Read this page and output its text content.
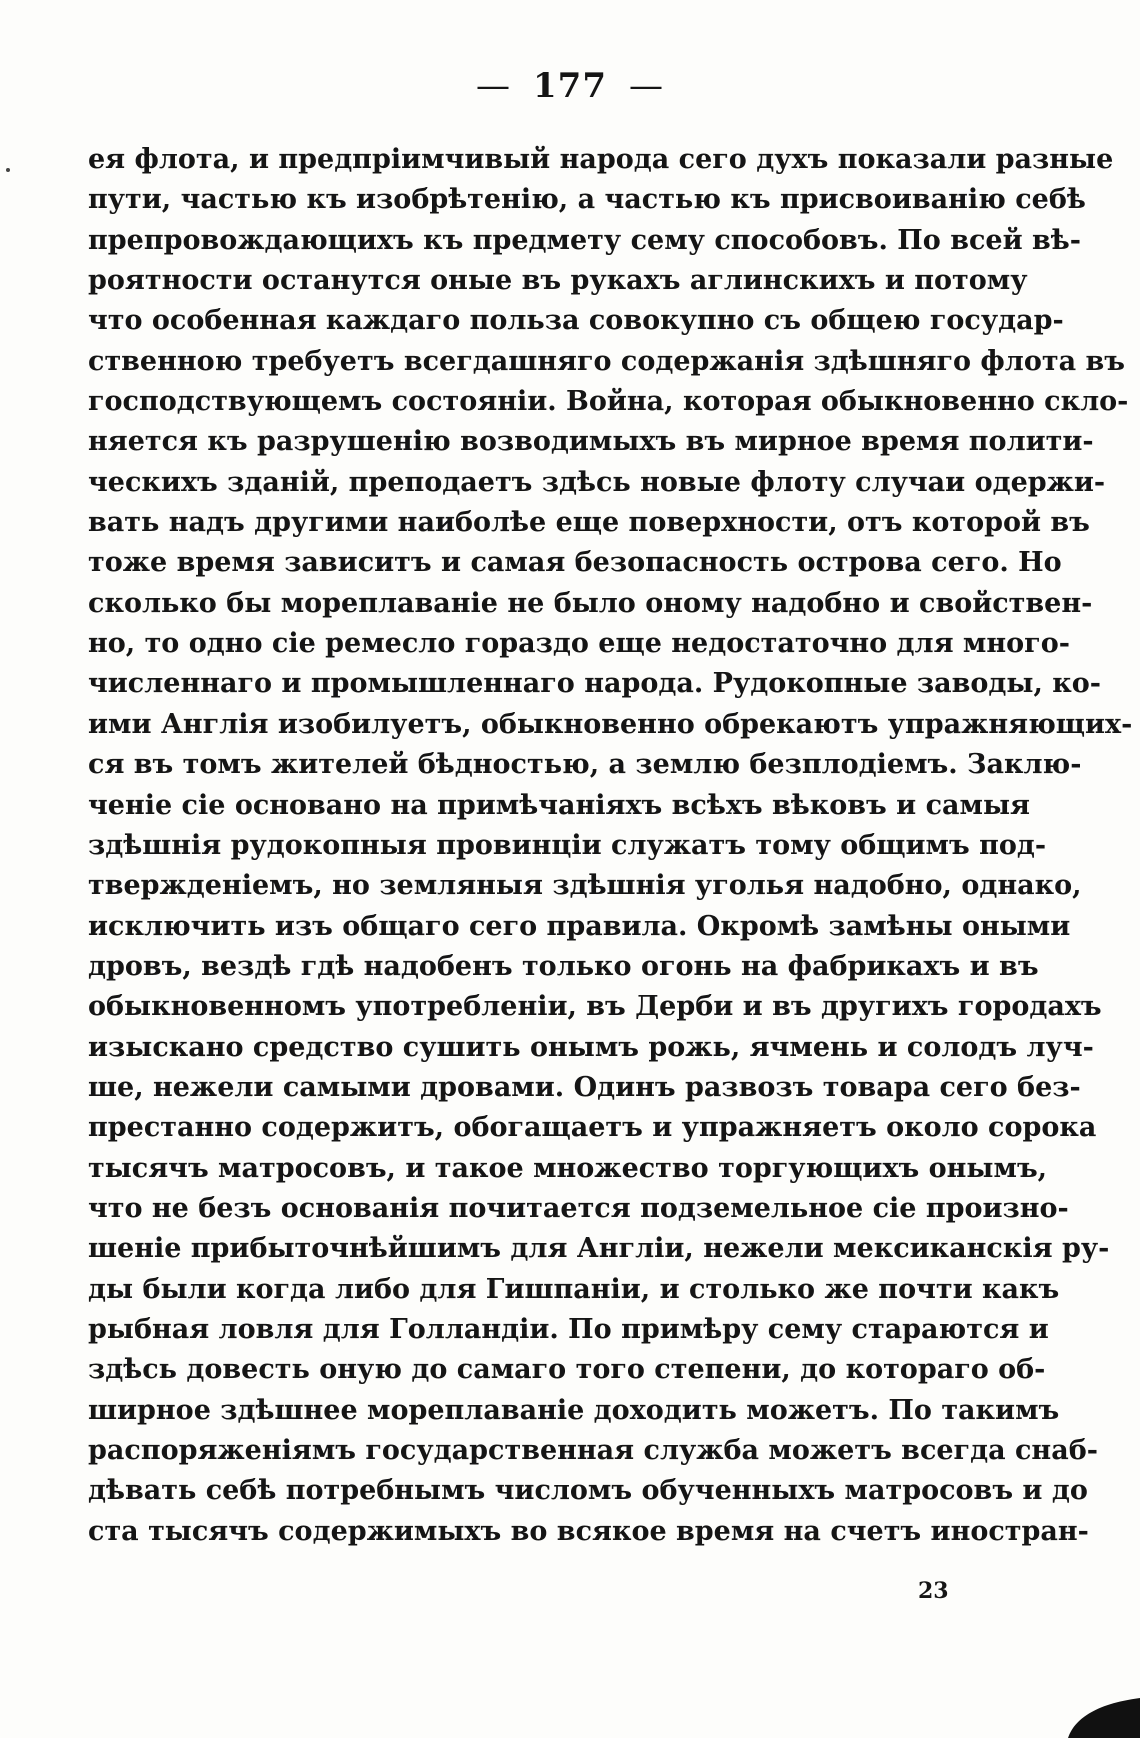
— 177 —
ея флота, и предпріимчивый народа сего духъ показали разные
пути, частью къ изобрѣтенію, а частью къ присвоиванію себѣ
препровождающихъ къ предмету сему способовъ. По всей вѣ-
роятности останутся оные въ рукахъ аглинскихъ и потому
что особенная каждаго польза совокупно съ общею государ-
ственною требуетъ всегдашняго содержанія здѣшняго флота въ
господствующемъ состояніи. Война, которая обыкновенно скло-
няется къ разрушенію возводимыхъ въ мирное время полити-
ческихъ зданій, преподаетъ здѣсь новые флоту случаи одержи-
вать надъ другими наиболѣе еще поверхности, отъ которой въ
тоже время зависитъ и самая безопасность острова сего. Но
сколько бы мореплаваніе не было оному надобно и свойствен-
но, то одно сіе ремесло гораздо еще недостаточно для много-
численнаго и промышленнаго народа. Рудокопные заводы, ко-
ими Англія изобилуетъ, обыкновенно обрекаютъ упражняющих-
ся въ томъ жителей бѣдностью, а землю безплодіемъ. Заклю-
ченіе сіе основано на примѣчаніяхъ всѣхъ вѣковъ и самыя
здѣшнія рудокопныя провинціи служатъ тому общимъ под-
твержденіемъ, но земляныя здѣшнія уголья надобно, однако,
исключить изъ общаго сего правила. Окромѣ замѣны оными
дровъ, вездѣ гдѣ надобенъ только огонь на фабрикахъ и въ
обыкновенномъ употребленіи, въ Дерби и въ другихъ городахъ
изыскано средство сушить онымъ рожь, ячмень и солодъ луч-
ше, нежели самыми дровами. Одинъ развозъ товара сего без-
престанно содержитъ, обогащаетъ и упражняетъ около сорока
тысячъ матросовъ, и такое множество торгующихъ онымъ,
что не безъ основанія почитается подземельное сіе произно-
шеніе прибыточнѣйшимъ для Англіи, нежели мексиканскія ру-
ды были когда либо для Гишпаніи, и столько же почти какъ
рыбная ловля для Голландіи. По примѣру сему стараются и
здѣсь довесть оную до самаго того степени, до котораго об-
ширное здѣшнее мореплаваніе доходить можетъ. По такимъ
распоряженіямъ государственная служба можетъ всегда снаб-
дѣвать себѣ потребнымъ числомъ обученныхъ матросовъ и до
ста тысячъ содержимыхъ во всякое время на счетъ иностран-
23
